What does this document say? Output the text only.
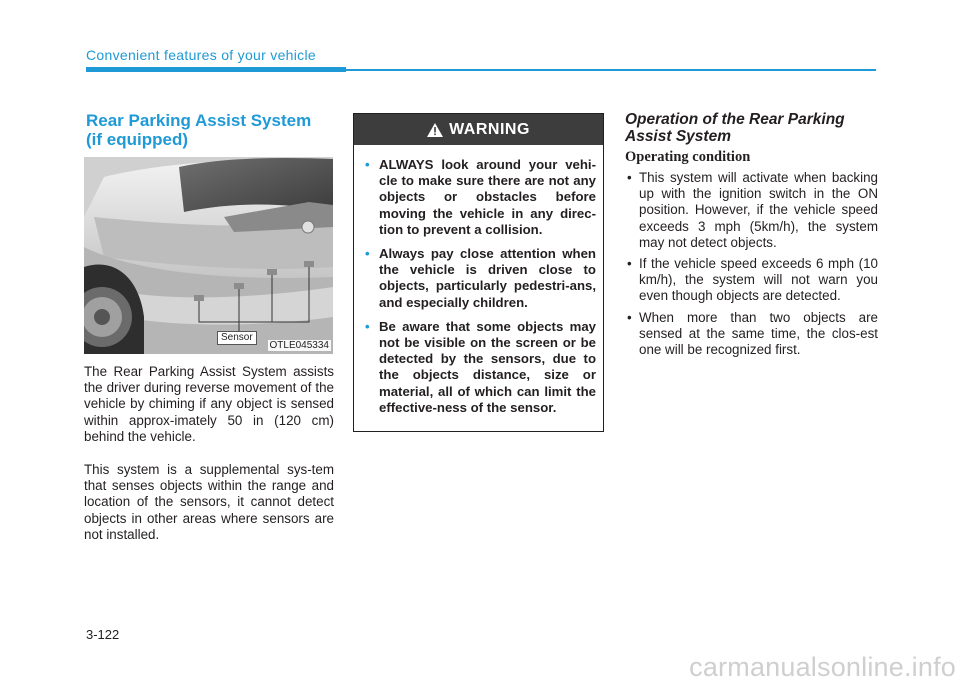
Convenient features of your vehicle
Rear Parking Assist System
(if equipped)
Sensor
OTLE045334
The Rear Parking Assist System assists the driver during reverse movement of the vehicle by chiming if any object is sensed within approx-imately 50 in (120 cm) behind the vehicle.
This system is a supplemental sys-tem that senses objects within the range and location of the sensors, it cannot detect objects in other areas where sensors are not installed.
WARNING
• ALWAYS look around your vehi-cle to make sure there are not any objects or obstacles before moving the vehicle in any direc-tion to prevent a collision.
• Always pay close attention when the vehicle is driven close to objects, particularly pedestri-ans, and especially children.
• Be aware that some objects may not be visible on the screen or be detected by the sensors, due to the objects distance, size or material, all of which can limit the effective-ness of the sensor.
Operation of the Rear Parking
Assist System
Operating condition
• This system will activate when backing up with the ignition switch in the ON position. However, if the vehicle speed exceeds 3 mph (5km/h), the system may not detect objects.
• If the vehicle speed exceeds 6 mph (10 km/h), the system will not warn you even though objects are detected.
• When more than two objects are sensed at the same time, the clos-est one will be recognized first.
3-122
carmanualsonline.info
